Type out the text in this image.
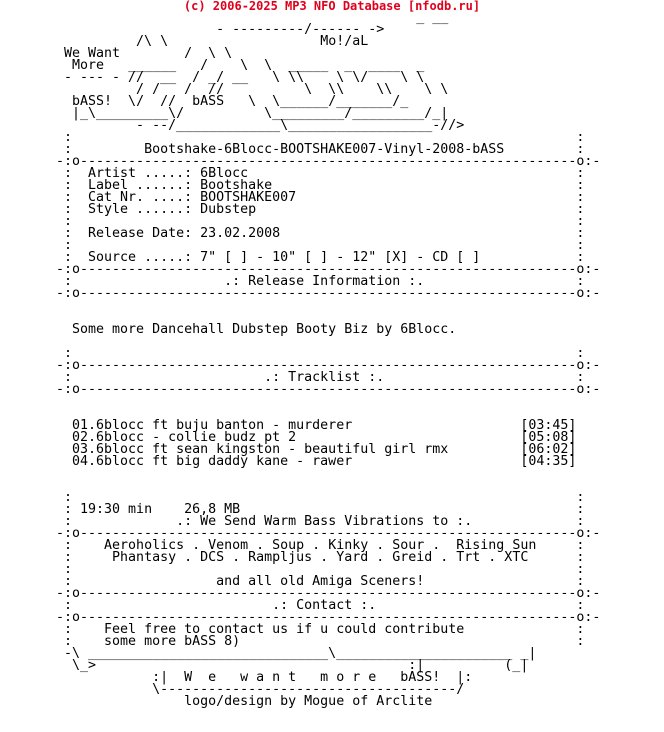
(c) 2006-2025 MP3 NFO Database [nfodb.ru]
_ __
- ---------/------ ->
/\ \                   Mo!/aL
We Want        /  \ \
More   ______   /    \  \  _____  _  ____  _
- --- - //  __  / _/ __   \ \\    \ \/    \ \
/ /   /  //          \  \\    \\    \ \
bASS!  \/  //  bASS   \  \______/_______/_
|_\_________\/          \_________/_________/_|
- --/_____________\__________________-//>
:                                                               :
:         Bootshake-6Blocc-BOOTSHAKE007-Vinyl-2008-bASS         :
-:o--------------------------------------------------------------o:-
:  Artist .....: 6Blocc                                         :
:  Label ......: Bootshake                                      :
:  Cat Nr. ....: BOOTSHAKE007                                   :
:  Style ......: Dubstep                                        :
:                                                               :
:  Release Date: 23.02.2008                                     :
:                                                               :
:  Source .....: 7" [ ] - 10" [ ] - 12" [X] - CD [ ]            :
-:o--------------------------------------------------------------o:-
:                   .: Release Information :.                   :
-:o--------------------------------------------------------------o:-

Some more Dancehall Dubstep Booty Biz by 6Blocc.

:                                                               :
-:o--------------------------------------------------------------o:-
:                        .: Tracklist :.                        :
-:o--------------------------------------------------------------o:-

01.6blocc ft buju banton - murderer                     [03:45]
02.6blocc - collie budz pt 2                            [05:08]
03.6blocc ft sean kingston - beautiful girl rmx         [06:02]
04.6blocc ft big daddy kane - rawer                     [04:35]

:                                                               :
: 19:30 min    26,8 MB                                          :
:             .: We Send Warm Bass Vibrations to :.             :
-:o--------------------------------------------------------------o:-
:    Aeroholics . Venom . Soup . Kinky . Sour .  Rising Sun     :
:     Phantasy . DCS . Rampljus . Yard . Greid . Trt . XTC      :
:                                                               :
:                  and all old Amiga Sceners!                   :
-:o--------------------------------------------------------------o:-
:                         .: Contact :.                         :
-:o--------------------------------------------------------------o:-
:    Feel free to contact us if u could contribute              :
:    some more bASS 8)                                          :
-\ ______________________________\______________________ _|
\_>                                       :|          (_|
:|  W  e   w a n t   m o r e   bASS!  |:
\-------------------------------------/
logo/design by Mogue of Arclite
